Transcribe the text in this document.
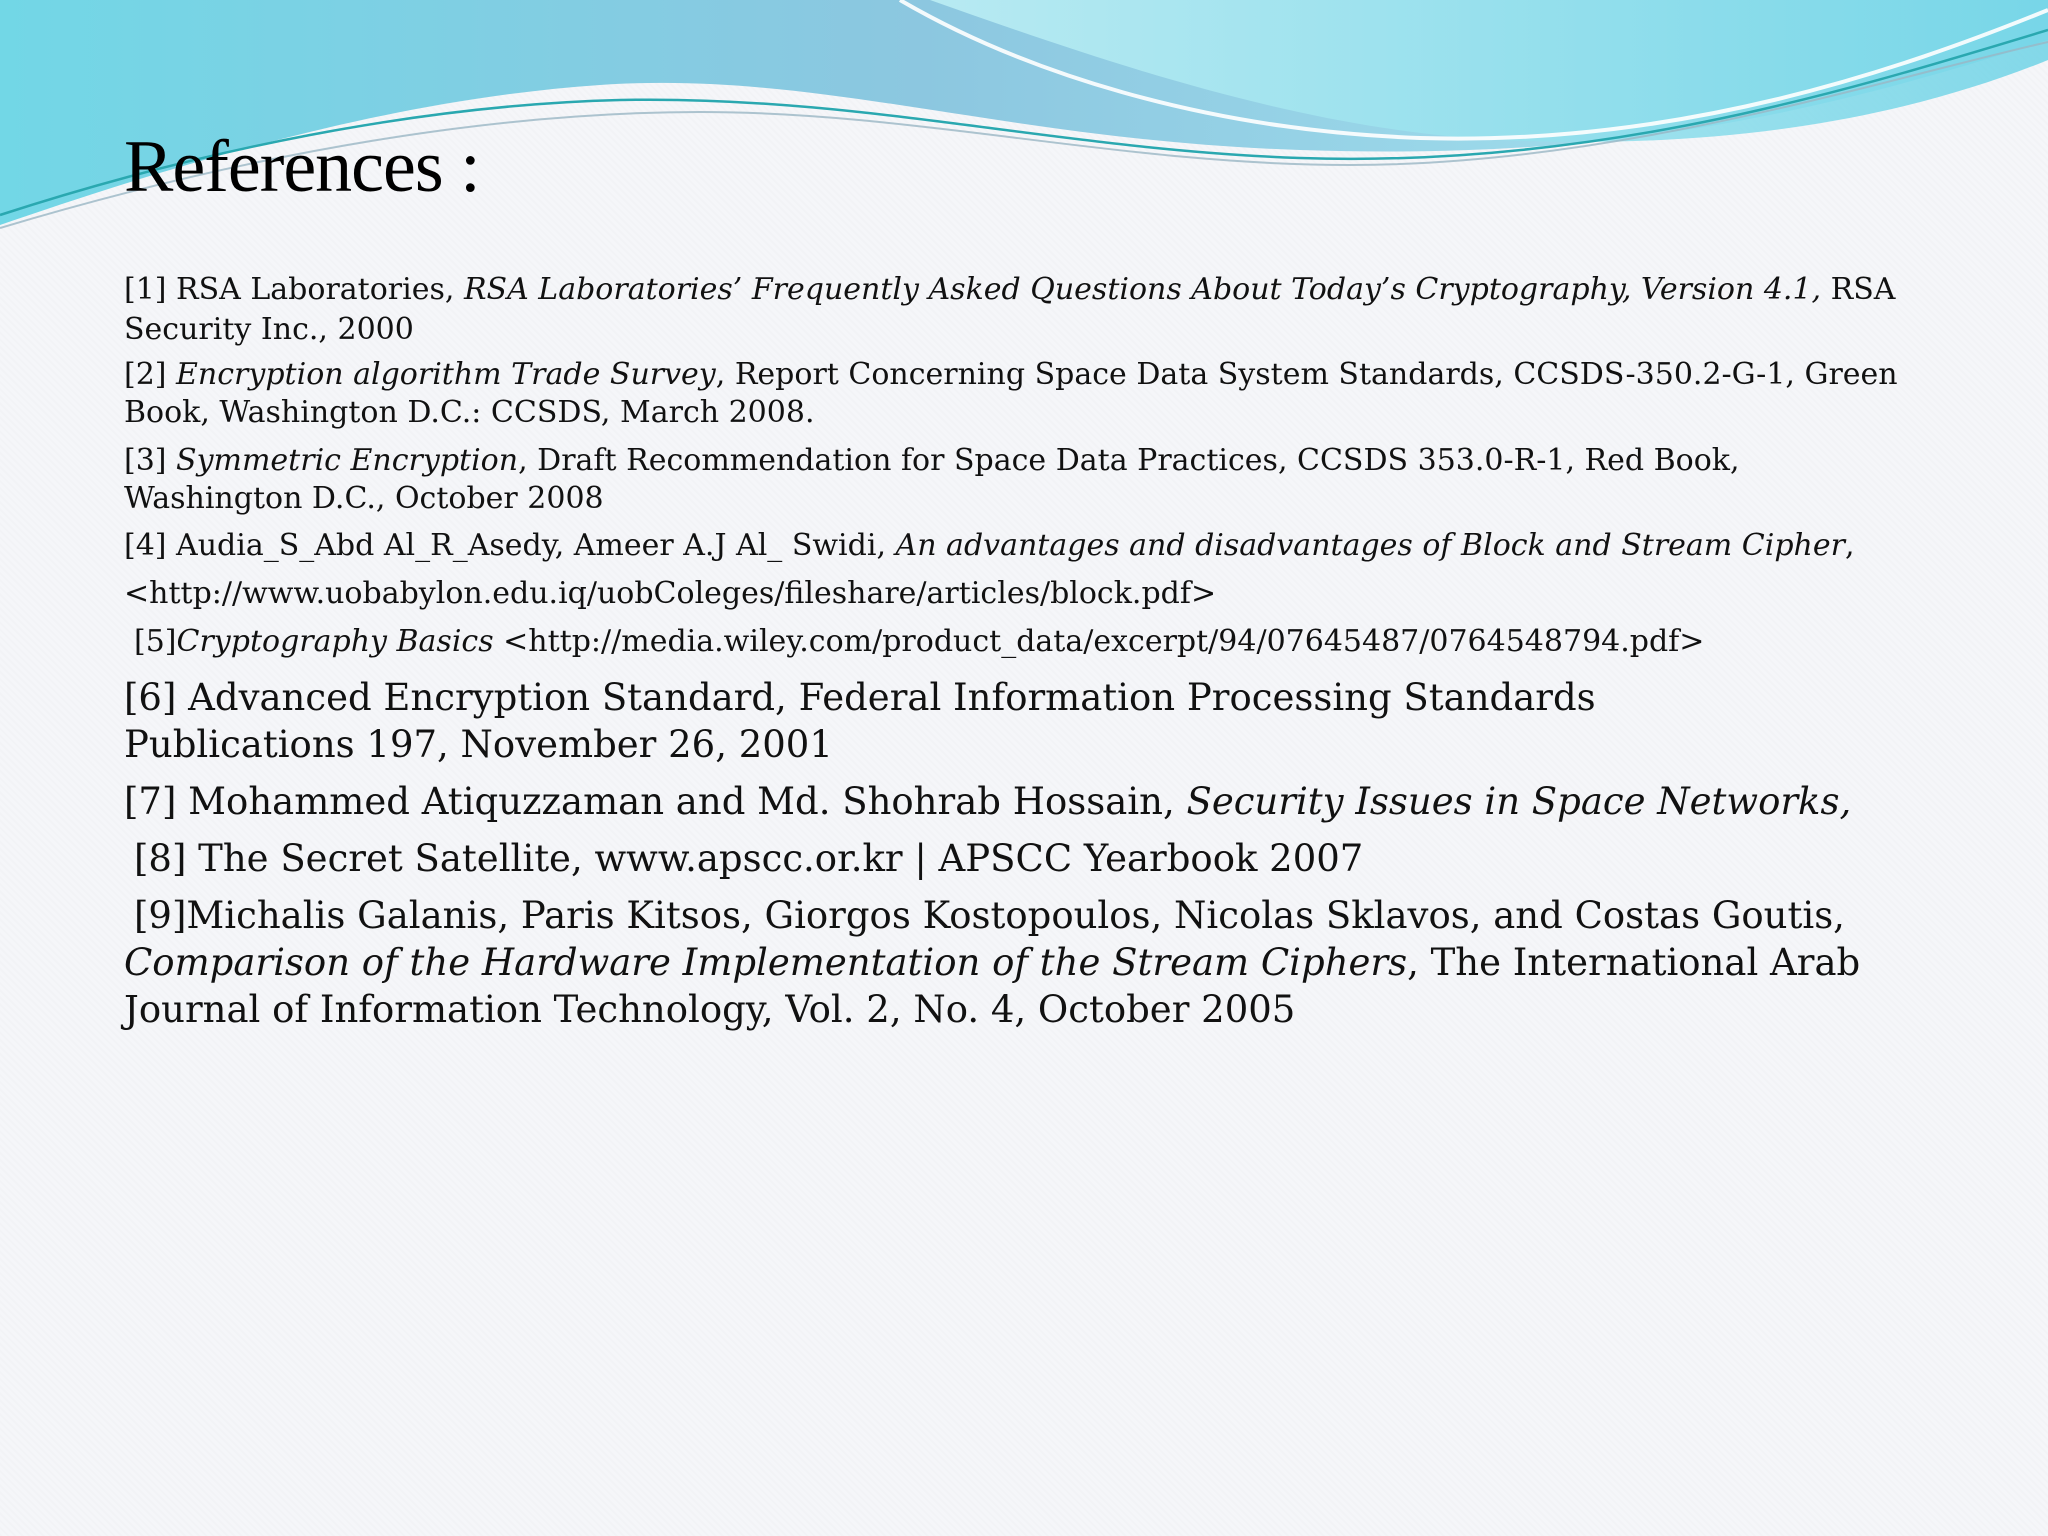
References :

[1] RSA Laboratories, RSA Laboratories’ Frequently Asked Questions About Today’s Cryptography, Version 4.1, RSA Security Inc., 2000

[2] Encryption algorithm Trade Survey, Report Concerning Space Data System Standards, CCSDS-350.2-G-1, Green Book, Washington D.C.: CCSDS, March 2008.

[3] Symmetric Encryption, Draft Recommendation for Space Data Practices, CCSDS 353.0-R-1, Red Book, Washington D.C., October 2008

[4] Audia_S_Abd Al_R_Asedy, Ameer A.J Al_ Swidi, An advantages and disadvantages of Block and Stream Cipher, <http://www.uobabylon.edu.iq/uobColeges/fileshare/articles/block.pdf>

[5]Cryptography Basics <http://media.wiley.com/product_data/excerpt/94/07645487/0764548794.pdf>

[6] Advanced Encryption Standard, Federal Information Processing Standards Publications 197, November 26, 2001

[7] Mohammed Atiquzzaman and Md. Shohrab Hossain, Security Issues in Space Networks,

[8] The Secret Satellite, www.apscc.or.kr | APSCC Yearbook 2007

[9]Michalis Galanis, Paris Kitsos, Giorgos Kostopoulos, Nicolas Sklavos, and Costas Goutis, Comparison of the Hardware Implementation of the Stream Ciphers, The International Arab Journal of Information Technology, Vol. 2, No. 4, October 2005
